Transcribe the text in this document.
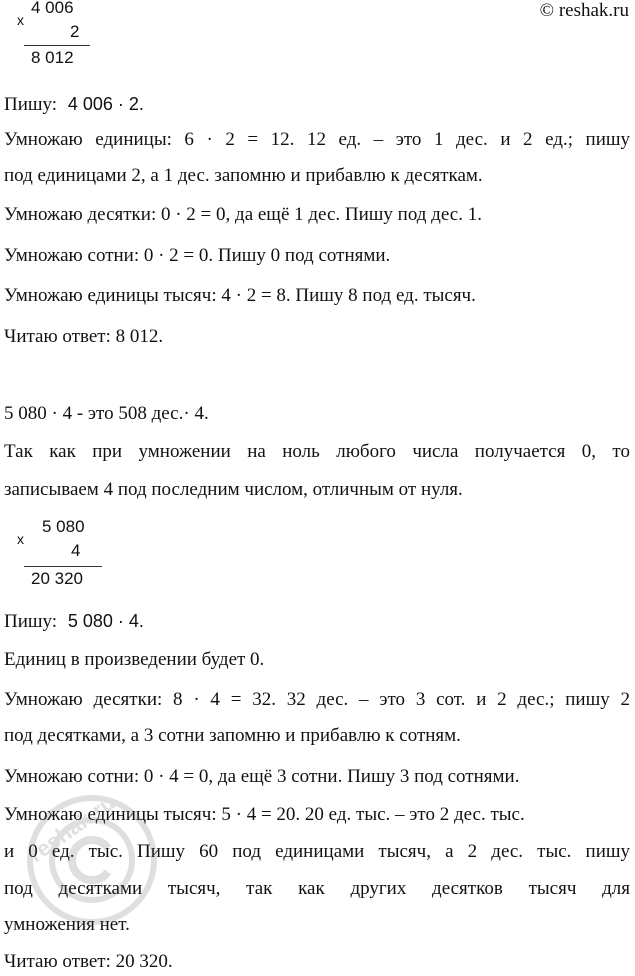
© reshak.ru
x
4 006
2
8 012
Пишу: 4 006 · 2.
Умножаю единицы: 6 · 2 = 12. 12 ед. – это 1 дес. и 2 ед.; пишу
под единицами 2, а 1 дес. запомню и прибавлю к десяткам.
Умножаю десятки: 0 · 2 = 0, да ещё 1 дес. Пишу под дес. 1.
Умножаю сотни: 0 · 2 = 0. Пишу 0 под сотнями.
Умножаю единицы тысяч: 4 · 2 = 8. Пишу 8 под ед. тысяч.
Читаю ответ: 8 012.
5 080 · 4 - это 508 дес.· 4.
Так как при умножении на ноль любого числа получается 0, то
записываем 4 под последним числом, отличным от нуля.
x
5 080
4
20 320
Пишу: 5 080 · 4.
Единиц в произведении будет 0.
Умножаю десятки: 8 · 4 = 32. 32 дес. – это 3 сот. и 2 дес.; пишу 2
под десятками, а 3 сотни запомню и прибавлю к сотням.
Умножаю сотни: 0 · 4 = 0, да ещё 3 сотни. Пишу 3 под сотнями.
Умножаю единицы тысяч: 5 · 4 = 20. 20 ед. тыс. – это 2 дес. тыс.
и 0 ед. тыс. Пишу 60 под единицами тысяч, а 2 дес. тыс. пишу
под десятками тысяч, так как других десятков тысяч для
умножения нет.
Читаю ответ: 20 320.
reshak.ru
